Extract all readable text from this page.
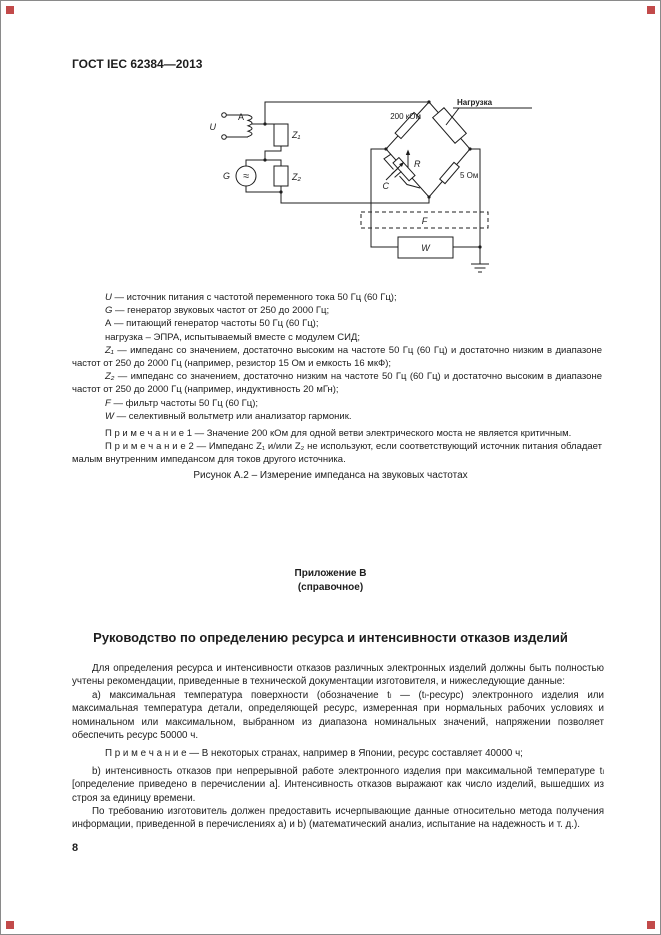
ГОСТ IEC 62384—2013
U
А
Z₁
G ≈	Z₂
200 кОм
Нагрузка
R
C
5 Ом
F
W

U — источник питания с частотой переменного тока 50 Гц (60 Гц);

G — генератор звуковых частот от 250 до 2000 Гц;

А — питающий генератор частоты 50 Гц (60 Гц);

нагрузка – ЭПРА, испытываемый вместе с модулем СИД;

Z₁ — импеданс со значением, достаточно высоким на частоте 50 Гц (60 Гц) и достаточно низким в диапазоне частот от 250 до 2000 Гц (например, резистор 15 Ом и емкость 16 мкФ);

Z₂ — импеданс со значением, достаточно низким на частоте 50 Гц (60 Гц) и достаточно высоким в диапазоне частот от 250 до 2000 Гц (например, индуктивность 20 мГн);

F — фильтр частоты 50 Гц (60 Гц);

W — селективный вольтметр или анализатор гармоник.

П р и м е ч а н и е 1 — Значение 200 кОм для одной ветви электрического моста не является критичным.

П р и м е ч а н и е 2 — Импеданс Z₁ и/или Z₂ не используют, если соответствующий источник питания обладает малым внутренним импедансом для токов другого источника.

Рисунок А.2 – Измерение импеданса на звуковых частотах
Приложение В
(справочное)
Руководство по определению ресурса и интенсивности отказов изделий

Для определения ресурса и интенсивности отказов различных электронных изделий должны быть полностью учтены рекомендации, приведенные в технической документации изготовителя, и нижеследующие данные:

а) максимальная температура поверхности (обозначение tₗ — (tₗ-ресурс) электронного изделия или максимальная температура детали, определяющей ресурс, измеренная при нормальных рабочих условиях и номинальном или максимальном, выбранном из диапазона номинальных значений, напряжении позволяет обеспечить ресурс 50000 ч.

П р и м е ч а н и е — В некоторых странах, например в Японии, ресурс составляет 40000 ч;

b) интенсивность отказов при непрерывной работе электронного изделия при максимальной температуре tₗ [определение приведено в перечислении а]. Интенсивность отказов выражают как число изделий, вышедших из строя за единицу времени.

По требованию изготовитель должен предоставить исчерпывающие данные относительно метода получения информации, приведенной в перечислениях а) и b) (математический анализ, испытание на надежность и т. д.).

8
